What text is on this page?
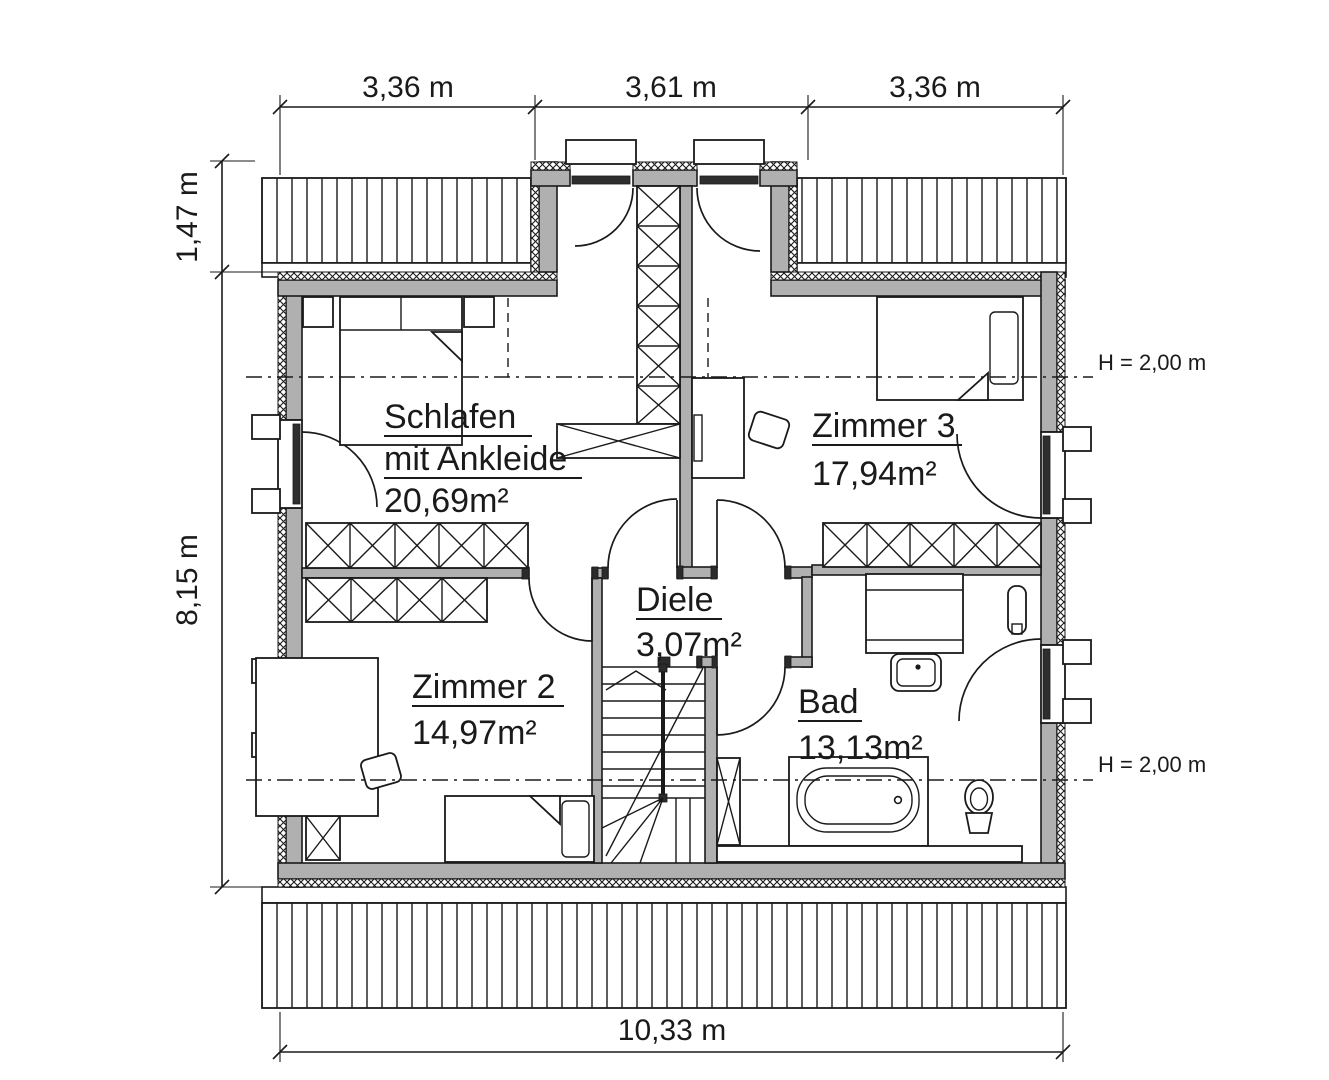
3,36 m	3,61 m	3,36 m
1,47 m
8,15 m
10,33 m
H = 2,00 m
H = 2,00 m
Schlafen
mit Ankleide
20,69m²
Zimmer 3
17,94m²
Diele
3,07m²
Zimmer 2
14,97m²
Bad
13,13m²
